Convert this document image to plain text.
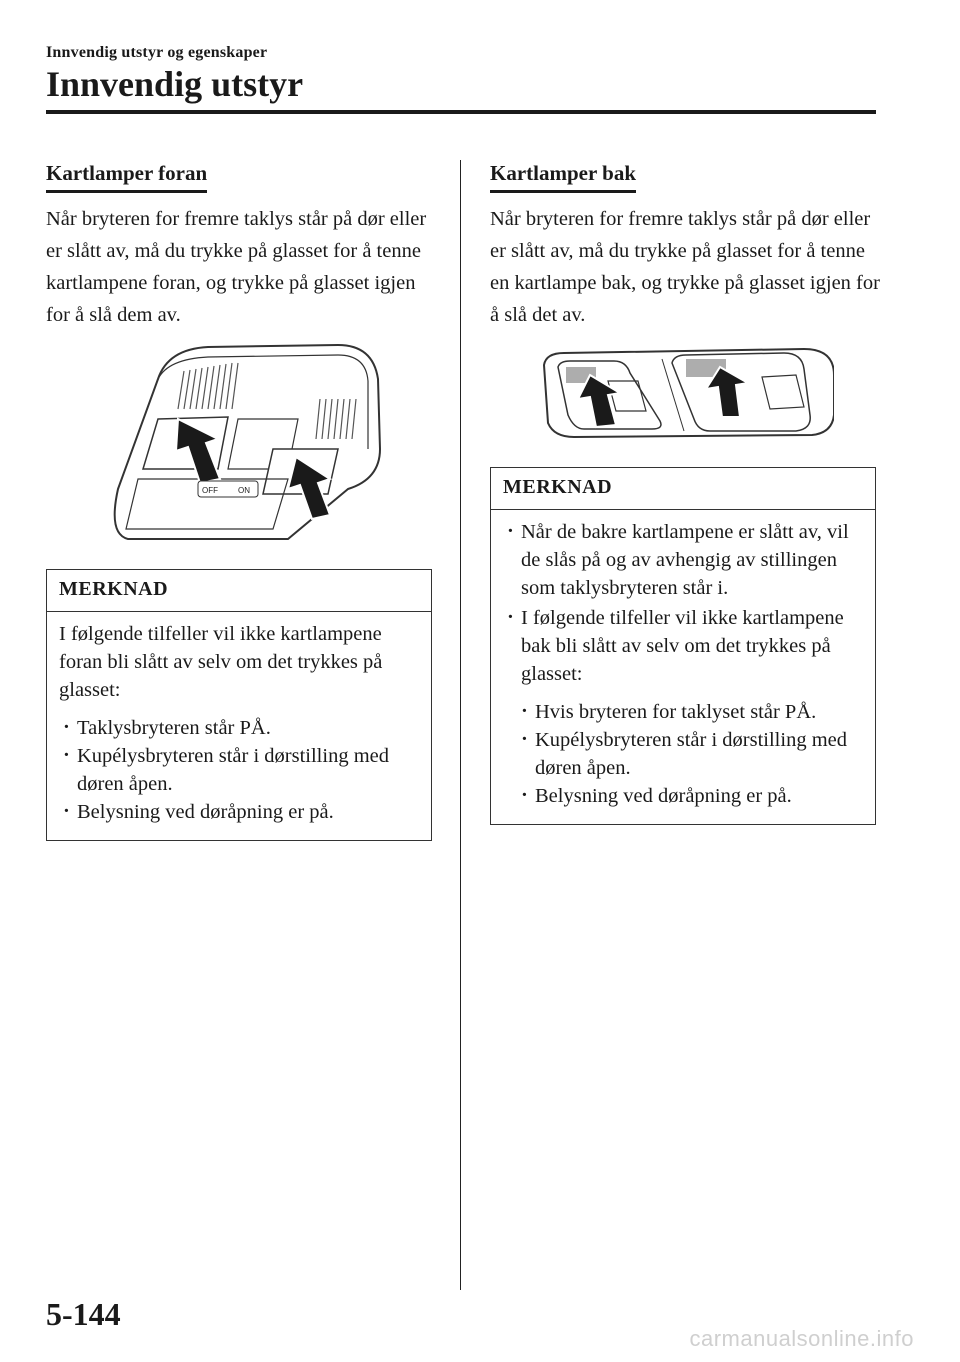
Innvendig utstyr og egenskaper
Innvendig utstyr
Kartlamper foran

Når bryteren for fremre taklys står på dør eller er slått av, må du trykke på glasset for å tenne kartlampene foran, og trykke på glasset igjen for å slå dem av.

OFF	ON
MERKNAD

I følgende tilfeller vil ikke kartlampene foran bli slått av selv om det trykkes på glasset:

· Taklysbryteren står PÅ.
· Kupélysbryteren står i dørstilling med døren åpen.
· Belysning ved døråpning er på.
Kartlamper bak

Når bryteren for fremre taklys står på dør eller er slått av, må du trykke på glasset for å tenne en kartlampe bak, og trykke på glasset igjen for å slå det av.

MERKNAD
· Når de bakre kartlampene er slått av, vil de slås på og av avhengig av stillingen som taklysbryteren står i.
· I følgende tilfeller vil ikke kartlampene bak bli slått av selv om det trykkes på glasset:
· Hvis bryteren for taklyset står PÅ.
· Kupélysbryteren står i dørstilling med døren åpen.
· Belysning ved døråpning er på.
5-144
carmanualsonline.info
